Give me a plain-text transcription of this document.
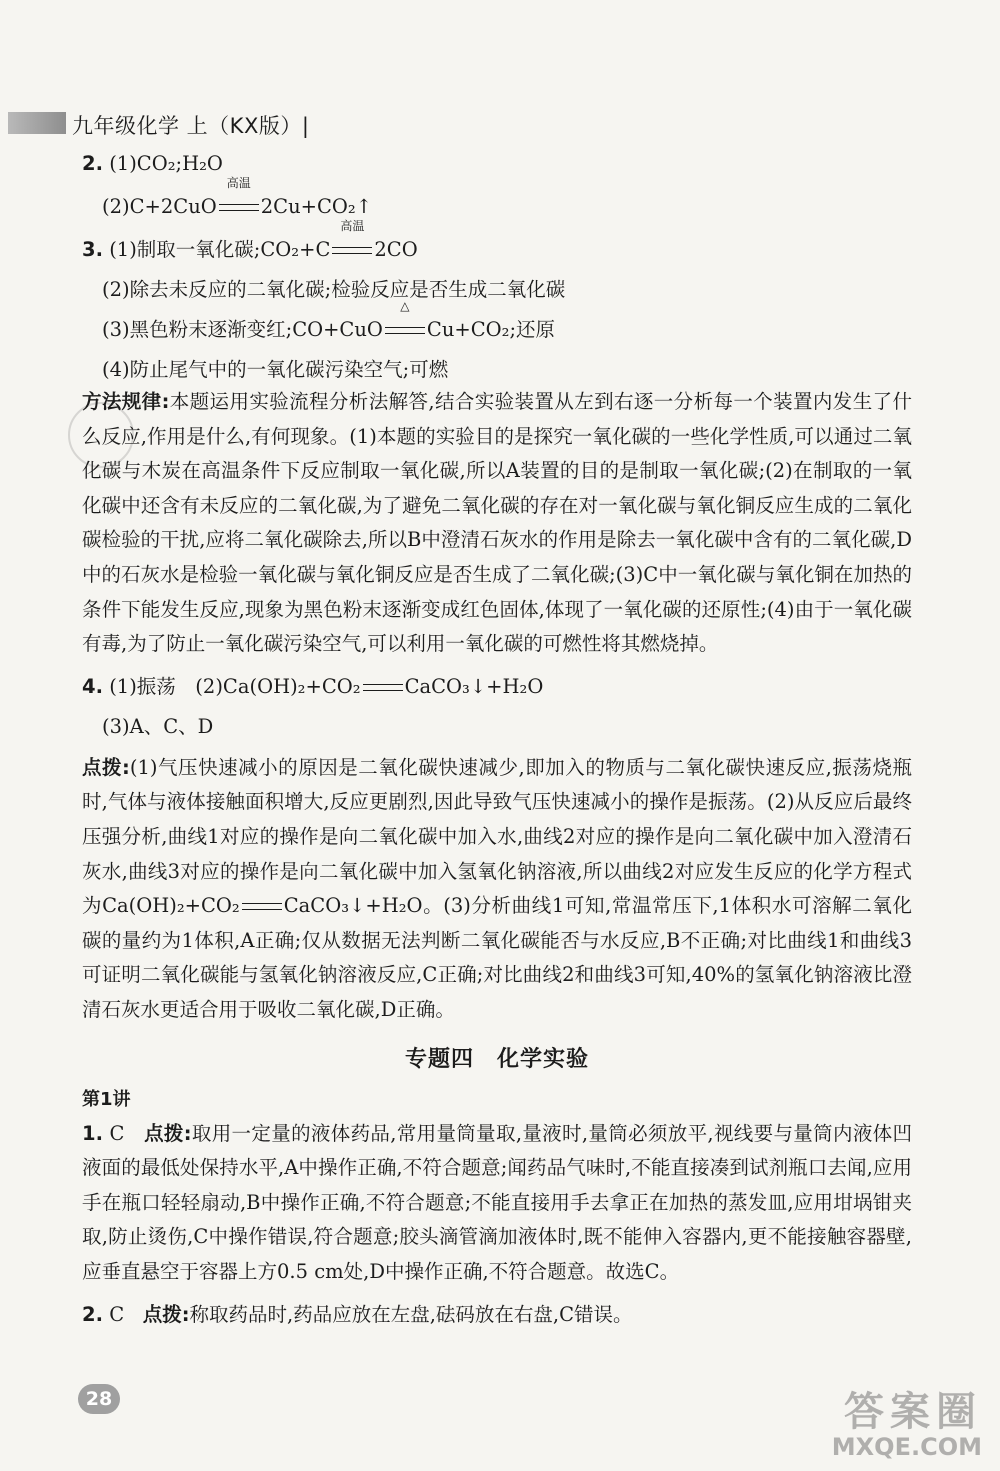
九年级化学 上（KX版）|

2. (1)CO₂;H₂O

(2)C+2CuO
高温
2Cu+CO₂↑

3. (1)制取一氧化碳;CO₂+C
高温
2CO

(2)除去未反应的二氧化碳;检验反应是否生成二氧化碳

(3)黑色粉末逐渐变红;CO+CuO
△
Cu+CO₂;还原

(4)防止尾气中的一氧化碳污染空气;可燃

方法规律:本题运用实验流程分析法解答,结合实验装置从左到右逐一分析每一个装置内发生了什么反应,作用是什么,有何现象。(1)本题的实验目的是探究一氧化碳的一些化学性质,可以通过二氧化碳与木炭在高温条件下反应制取一氧化碳,所以A装置的目的是制取一氧化碳;(2)在制取的一氧化碳中还含有未反应的二氧化碳,为了避免二氧化碳的存在对一氧化碳与氧化铜反应生成的二氧化碳检验的干扰,应将二氧化碳除去,所以B中澄清石灰水的作用是除去一氧化碳中含有的二氧化碳,D中的石灰水是检验一氧化碳与氧化铜反应是否生成了二氧化碳;(3)C中一氧化碳与氧化铜在加热的条件下能发生反应,现象为黑色粉末逐渐变成红色固体,体现了一氧化碳的还原性;(4)由于一氧化碳有毒,为了防止一氧化碳污染空气,可以利用一氧化碳的可燃性将其燃烧掉。

4. (1)振荡　(2)Ca(OH)₂+CO₂ CaCO₃↓+H₂O

(3)A、C、D

点拨:(1)气压快速减小的原因是二氧化碳快速减少,即加入的物质与二氧化碳快速反应,振荡烧瓶时,气体与液体接触面积增大,反应更剧烈,因此导致气压快速减小的操作是振荡。(2)从反应后最终压强分析,曲线1对应的操作是向二氧化碳中加入水,曲线2对应的操作是向二氧化碳中加入澄清石灰水,曲线3对应的操作是向二氧化碳中加入氢氧化钠溶液,所以曲线2对应发生反应的化学方程式为Ca(OH)₂+CO₂ CaCO₃↓+H₂O。(3)分析曲线1可知,常温常压下,1体积水可溶解二氧化碳的量约为1体积,A正确;仅从数据无法判断二氧化碳能否与水反应,B不正确;对比曲线1和曲线3可证明二氧化碳能与氢氧化钠溶液反应,C正确;对比曲线2和曲线3可知,40%的氢氧化钠溶液比澄清石灰水更适合用于吸收二氧化碳,D正确。

专题四　化学实验
第1讲

1. C 点拨:取用一定量的液体药品,常用量筒量取,量液时,量筒必须放平,视线要与量筒内液体凹液面的最低处保持水平,A中操作正确,不符合题意;闻药品气味时,不能直接凑到试剂瓶口去闻,应用手在瓶口轻轻扇动,B中操作正确,不符合题意;不能直接用手去拿正在加热的蒸发皿,应用坩埚钳夹取,防止烫伤,C中操作错误,符合题意;胶头滴管滴加液体时,既不能伸入容器内,更不能接触容器壁,应垂直悬空于容器上方0.5 cm处,D中操作正确,不符合题意。故选C。

2. C 点拨:称取药品时,药品应放在左盘,砝码放在右盘,C错误。

28	答案圈
MXQE.COM
